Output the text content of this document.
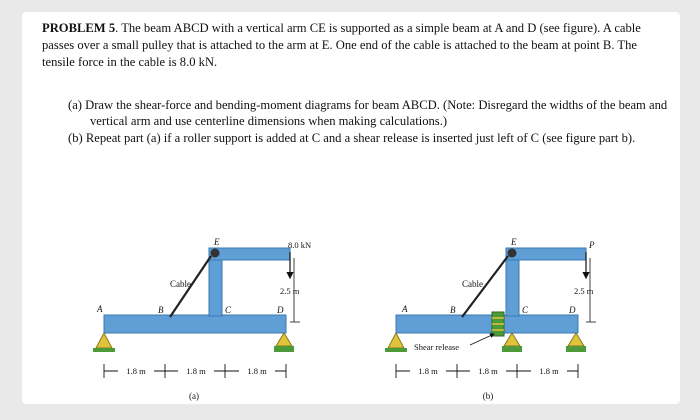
PROBLEM 5. The beam ABCD with a vertical arm CE is supported as a simple beam at A and D (see figure). A cable passes over a small pulley that is attached to the arm at E. One end of the cable is attached to the beam at point B. The tensile force in the cable is 8.0 kN.

(a) Draw the shear-force and bending-moment diagrams for beam ABCD. (Note: Disregard the widths of the beam and vertical arm and use centerline dimensions when making calculations.)
(b) Repeat part (a) if a roller support is added at C and a shear release is inserted just left of C (see figure part b).
1.8 m	1.8 m	1.8 m
A	B	C	D
E
Cable
8.0 kN
2.5 m
(a)
1.8 m	1.8 m	1.8 m
A	B	C	D
E
Cable
P
2.5 m
Shear release
(b)
